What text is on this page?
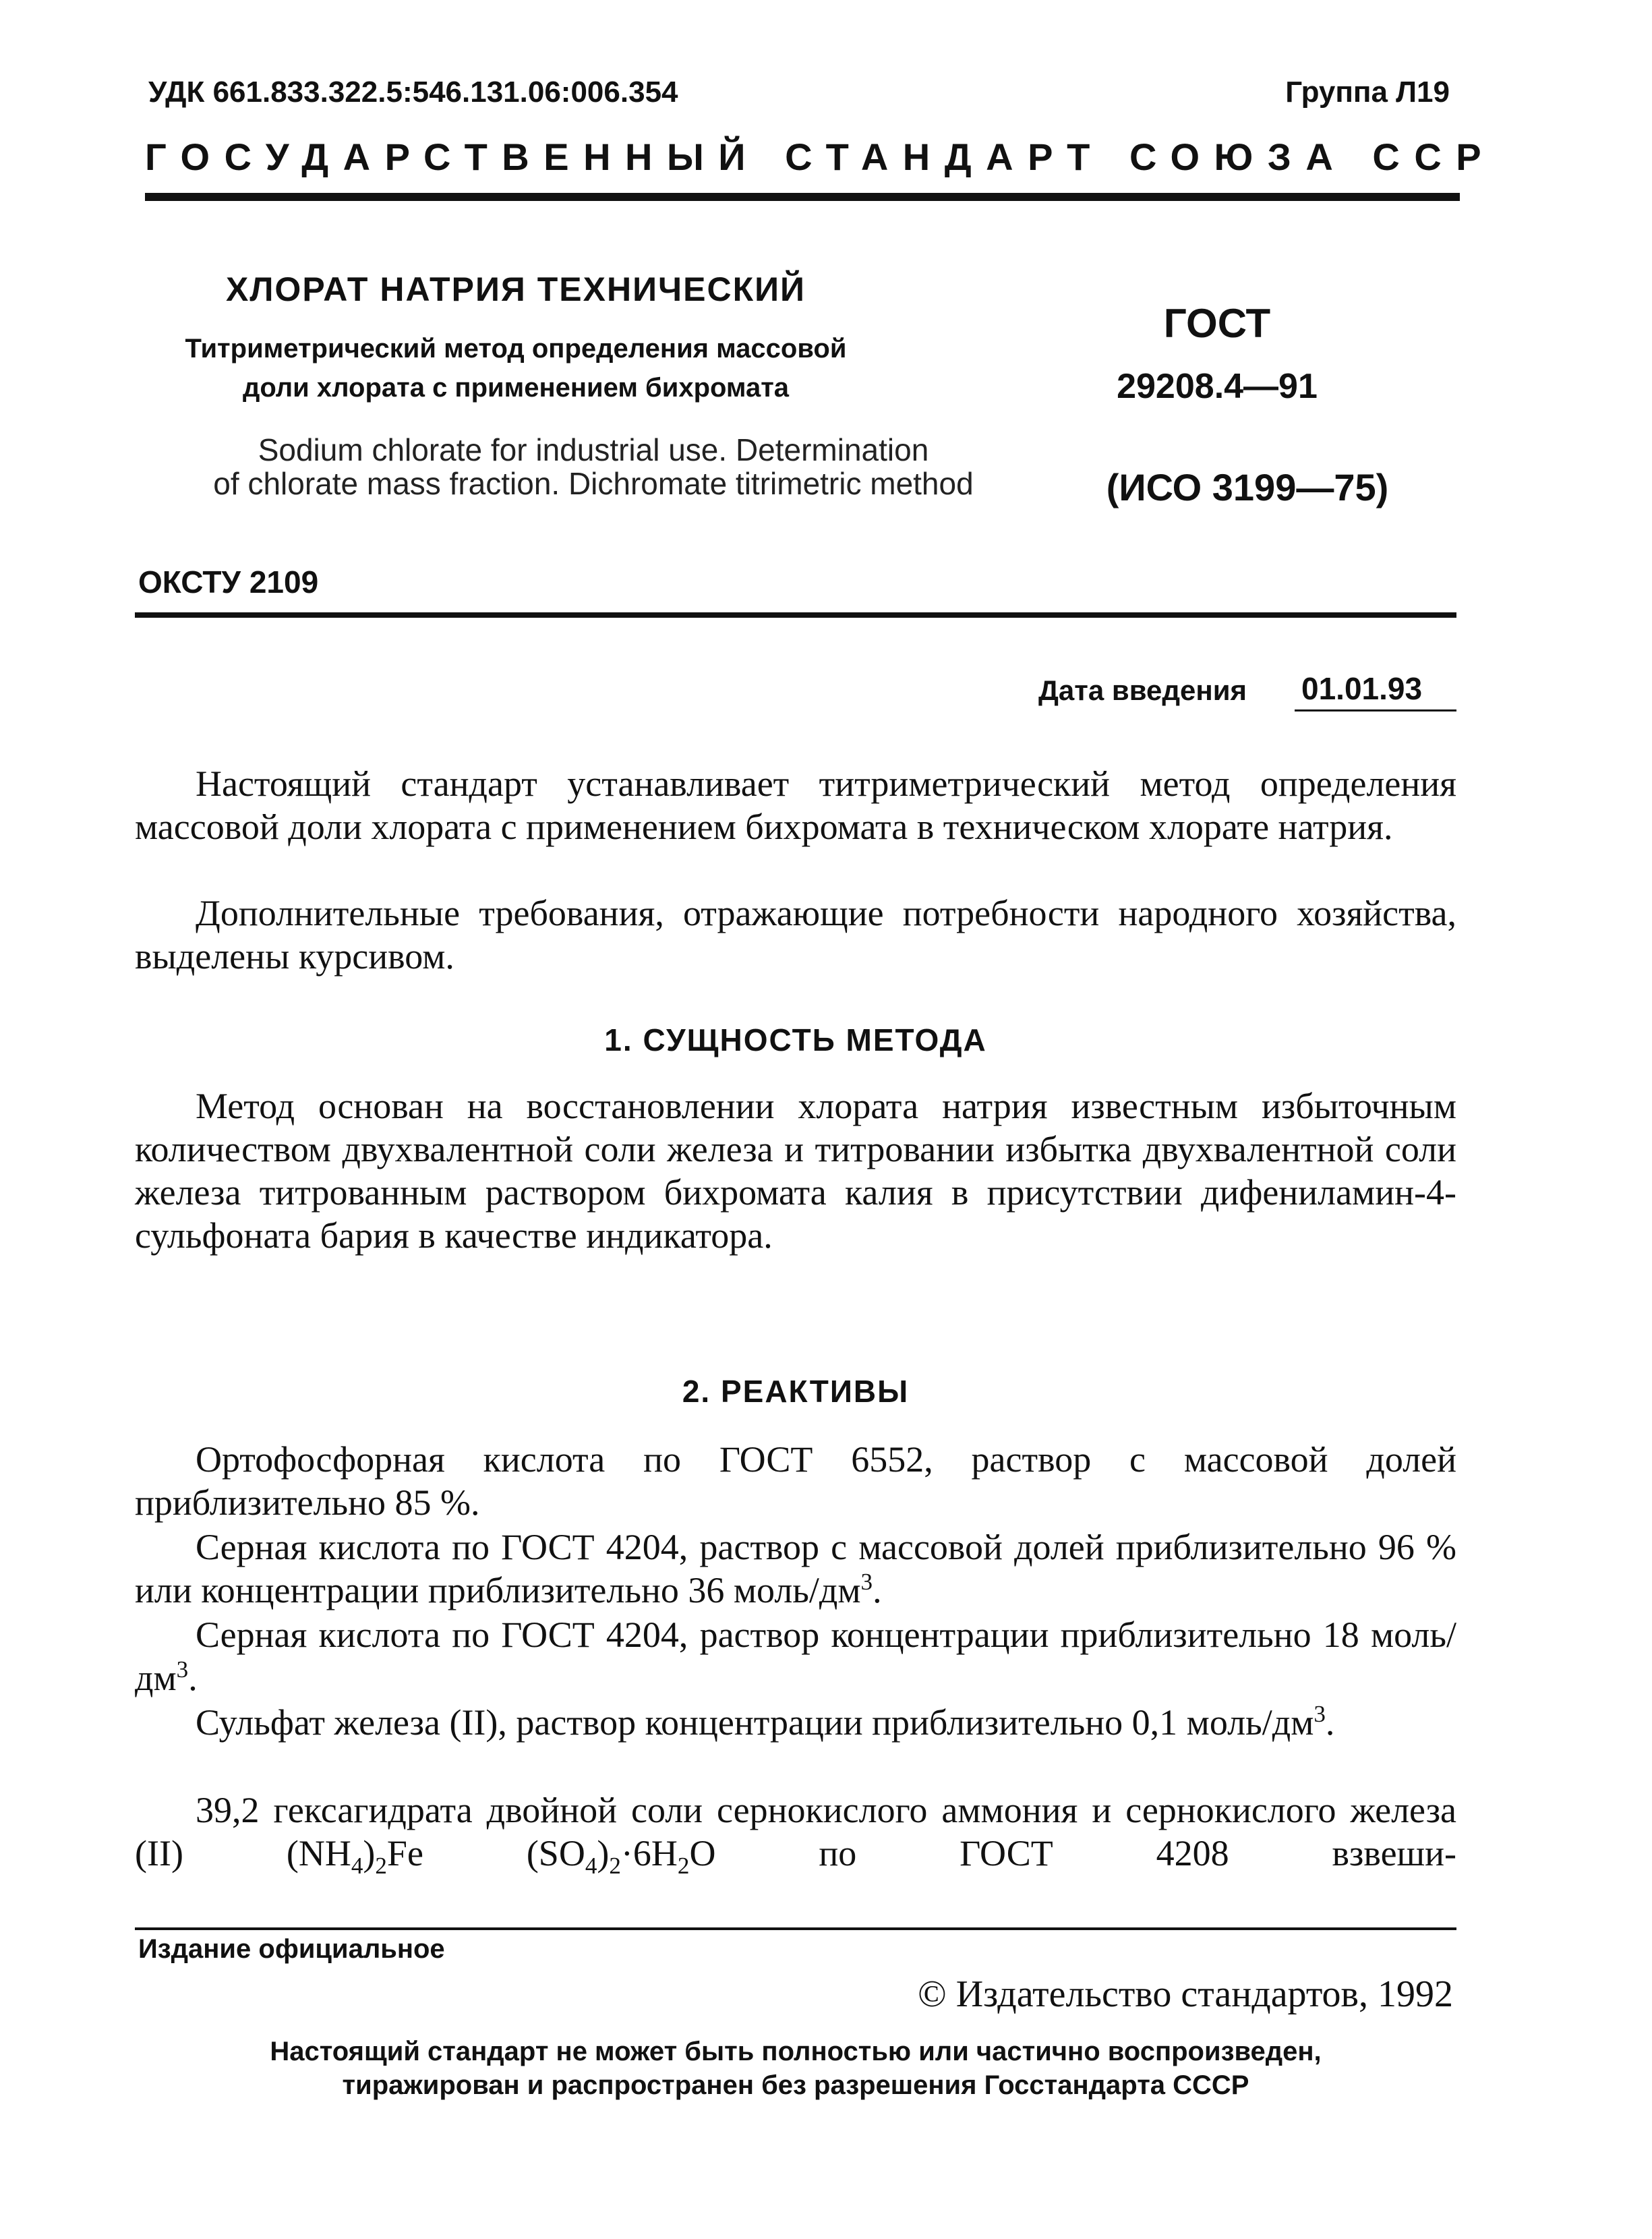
УДК 661.833.322.5:546.131.06:006.354	Группа Л19
ГОСУДАРСТВЕННЫЙ СТАНДАРТ СОЮЗА ССР
ХЛОРАТ НАТРИЯ ТЕХНИЧЕСКИЙ
Титриметрический метод определения массовой
доли хлората с применением бихромата
Sodium chlorate for industrial use. Determination
of chlorate mass fraction. Dichromate titrimetric method
ГОСТ
29208.4—91
(ИСО 3199—75)
ОКСТУ 2109
Дата введения 01.01.93
Настоящий стандарт устанавливает титриметрический метод определения массовой доли хлората с применением бихромата в техническом хлорате натрия.
Дополнительные требования, отражающие потребности народного хозяйства, выделены курсивом.
1. СУЩНОСТЬ МЕТОДА
Метод основан на восстановлении хлората натрия известным избыточным количеством двухвалентной соли железа и титровании избытка двухвалентной соли железа титрованным раствором бихромата калия в присутствии дифениламин-4-сульфоната бария в качестве индикатора.
2. РЕАКТИВЫ
Ортофосфорная кислота по ГОСТ 6552, раствор с массовой долей приблизительно 85 %.
Серная кислота по ГОСТ 4204, раствор с массовой долей приблизительно 96 % или концентрации приблизительно 36 моль/$дм^3$.
Серная кислота по ГОСТ 4204, раствор концентрации приблизительно 18 моль/$дм^3$.
Сульфат железа (II), раствор концентрации приблизительно 0,1 моль/$дм^3$.
39,2 гексагидрата двойной соли сернокислого аммония и сернокислого железа (II) $(NH_4)_2Fe$ $(SO_4)_2\cdot 6H_2O$ по ГОСТ 4208 взвеши-
Издание официальное
© Издательство стандартов, 1992
Настоящий стандарт не может быть полностью или частично воспроизведен,
тиражирован и распространен без разрешения Госстандарта СССР
